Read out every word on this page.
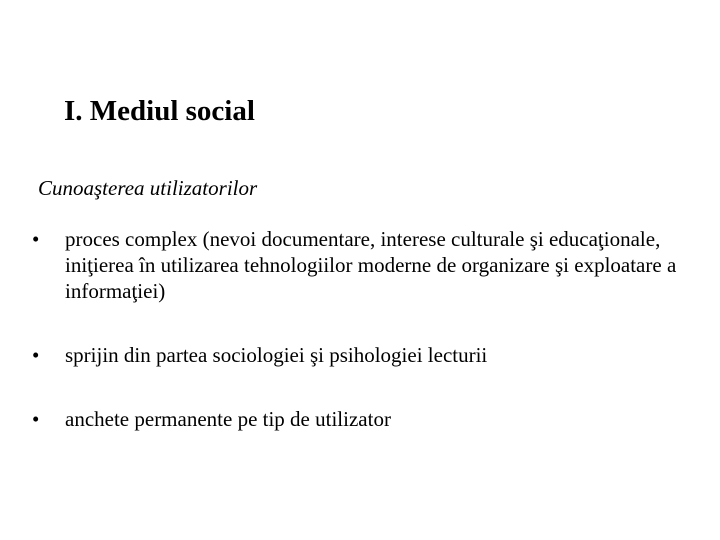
I. Mediul social
Cunoaşterea utilizatorilor
• proces complex (nevoi documentare, interese culturale şi educaţionale, iniţierea în utilizarea tehnologiilor moderne de organizare şi exploatare a informaţiei)
• sprijin din partea sociologiei şi psihologiei lecturii
• anchete permanente pe tip de utilizator
